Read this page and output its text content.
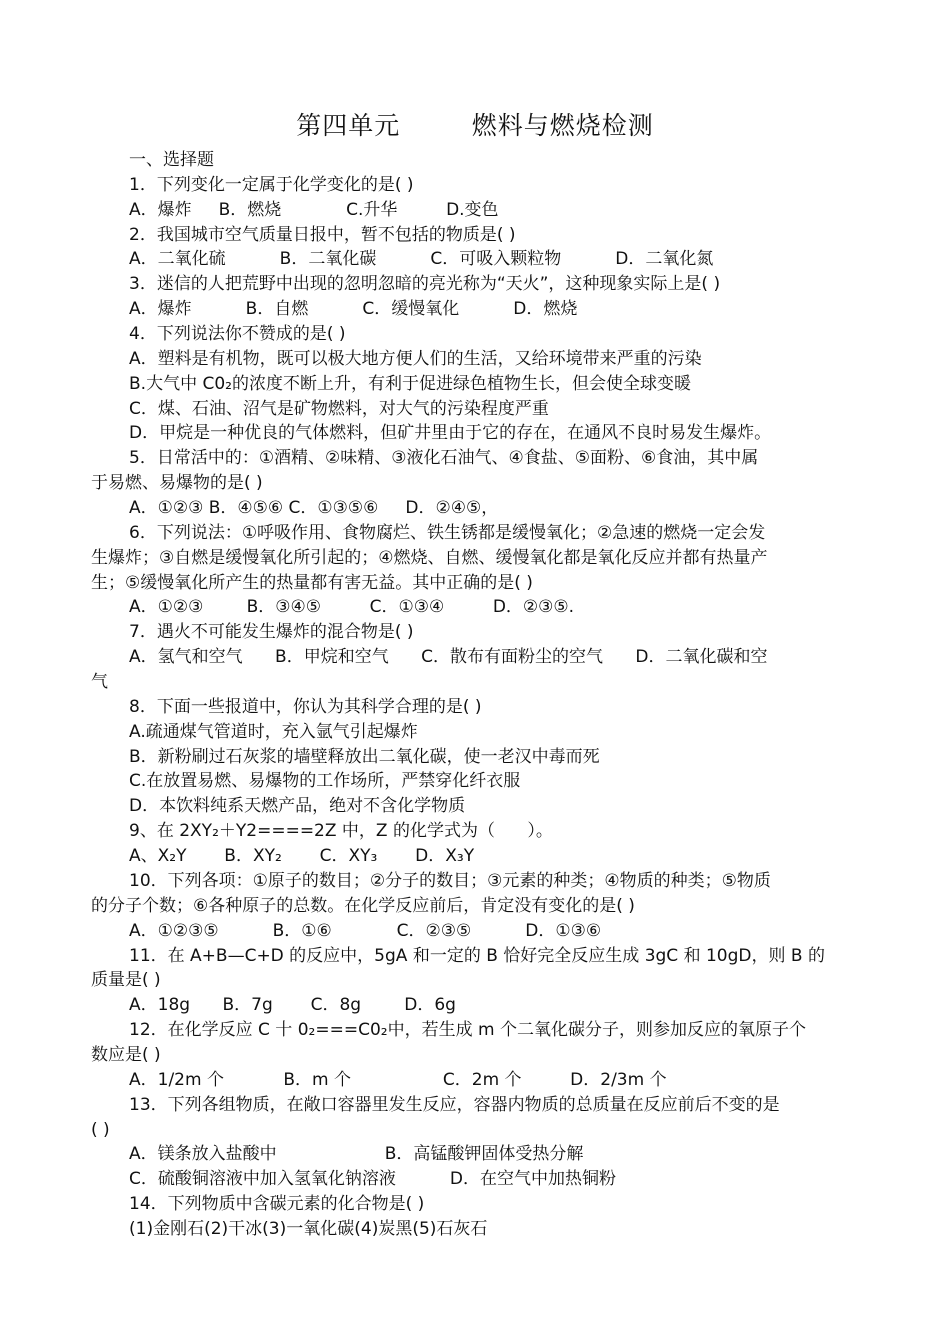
第四单元        燃料与燃烧检测
一、选择题
1．下列变化一定属于化学变化的是( )
A．爆炸     B．燃烧            C.升华         D.变色
2．我国城市空气质量日报中，暂不包括的物质是( )
A．二氧化硫          B．二氧化碳          C．可吸入颗粒物          D．二氧化氮
3．迷信的人把荒野中出现的忽明忽暗的亮光称为“天火”，这种现象实际上是( )
A．爆炸          B．自燃          C．缓慢氧化          D．燃烧
4．下列说法你不赞成的是( )
A．塑料是有机物，既可以极大地方便人们的生活，又给环境带来严重的污染
B.大气中 C0₂的浓度不断上升，有利于促进绿色植物生长，但会使全球变暖
C．煤、石油、沼气是矿物燃料，对大气的污染程度严重
D．甲烷是一种优良的气体燃料，但矿井里由于它的存在，在通风不良时易发生爆炸。
5．日常活中的：①酒精、②味精、③液化石油气、④食盐、⑤面粉、⑥食油，其中属
于易燃、易爆物的是( )
A．①②③ B．④⑤⑥ C．①③⑤⑥     D．②④⑤，
6．下列说法：①呼吸作用、食物腐烂、铁生锈都是缓慢氧化；②急速的燃烧一定会发
生爆炸；③自燃是缓慢氧化所引起的；④燃烧、自燃、缓慢氧化都是氧化反应并都有热量产
生；⑤缓慢氧化所产生的热量都有害无益。其中正确的是( )
A．①②③        B．③④⑤         C．①③④         D．②③⑤.
7．遇火不可能发生爆炸的混合物是( )
A．氢气和空气      B．甲烷和空气      C．散布有面粉尘的空气      D．二氧化碳和空
气
8．下面一些报道中，你认为其科学合理的是( )
A.疏通煤气管道时，充入氩气引起爆炸
B．新粉刷过石灰浆的墙壁释放出二氧化碳，使一老汉中毒而死
C.在放置易燃、易爆物的工作场所，严禁穿化纤衣服
D．本饮料纯系天燃产品，绝对不含化学物质
9、在 2XY₂＋Y2====2Z 中，Z 的化学式为（      ）。
A、X₂Y       B．XY₂       C．XY₃       D．X₃Y
10．下列各项：①原子的数目；②分子的数目；③元素的种类；④物质的种类；⑤物质
的分子个数；⑥各种原子的总数。在化学反应前后，肯定没有变化的是( )
A．①②③⑤          B．①⑥            C．②③⑤          D．①③⑥
11．在 A+B—C+D 的反应中，5gA 和一定的 B 恰好完全反应生成 3gC 和 10gD，则 B 的
质量是( )
A．18g      B．7g       C．8g        D．6g
12．在化学反应 C 十 0₂===C0₂中，若生成 m 个二氧化碳分子，则参加反应的氧原子个
数应是( )
A．1/2m 个           B．m 个                 C．2m 个         D．2/3m 个
13．下列各组物质，在敞口容器里发生反应，容器内物质的总质量在反应前后不变的是
( )
A．镁条放入盐酸中                    B．高锰酸钾固体受热分解
C．硫酸铜溶液中加入氢氧化钠溶液          D．在空气中加热铜粉
14．下列物质中含碳元素的化合物是( )
(1)金刚石(2)干冰(3)一氧化碳(4)炭黑(5)石灰石
